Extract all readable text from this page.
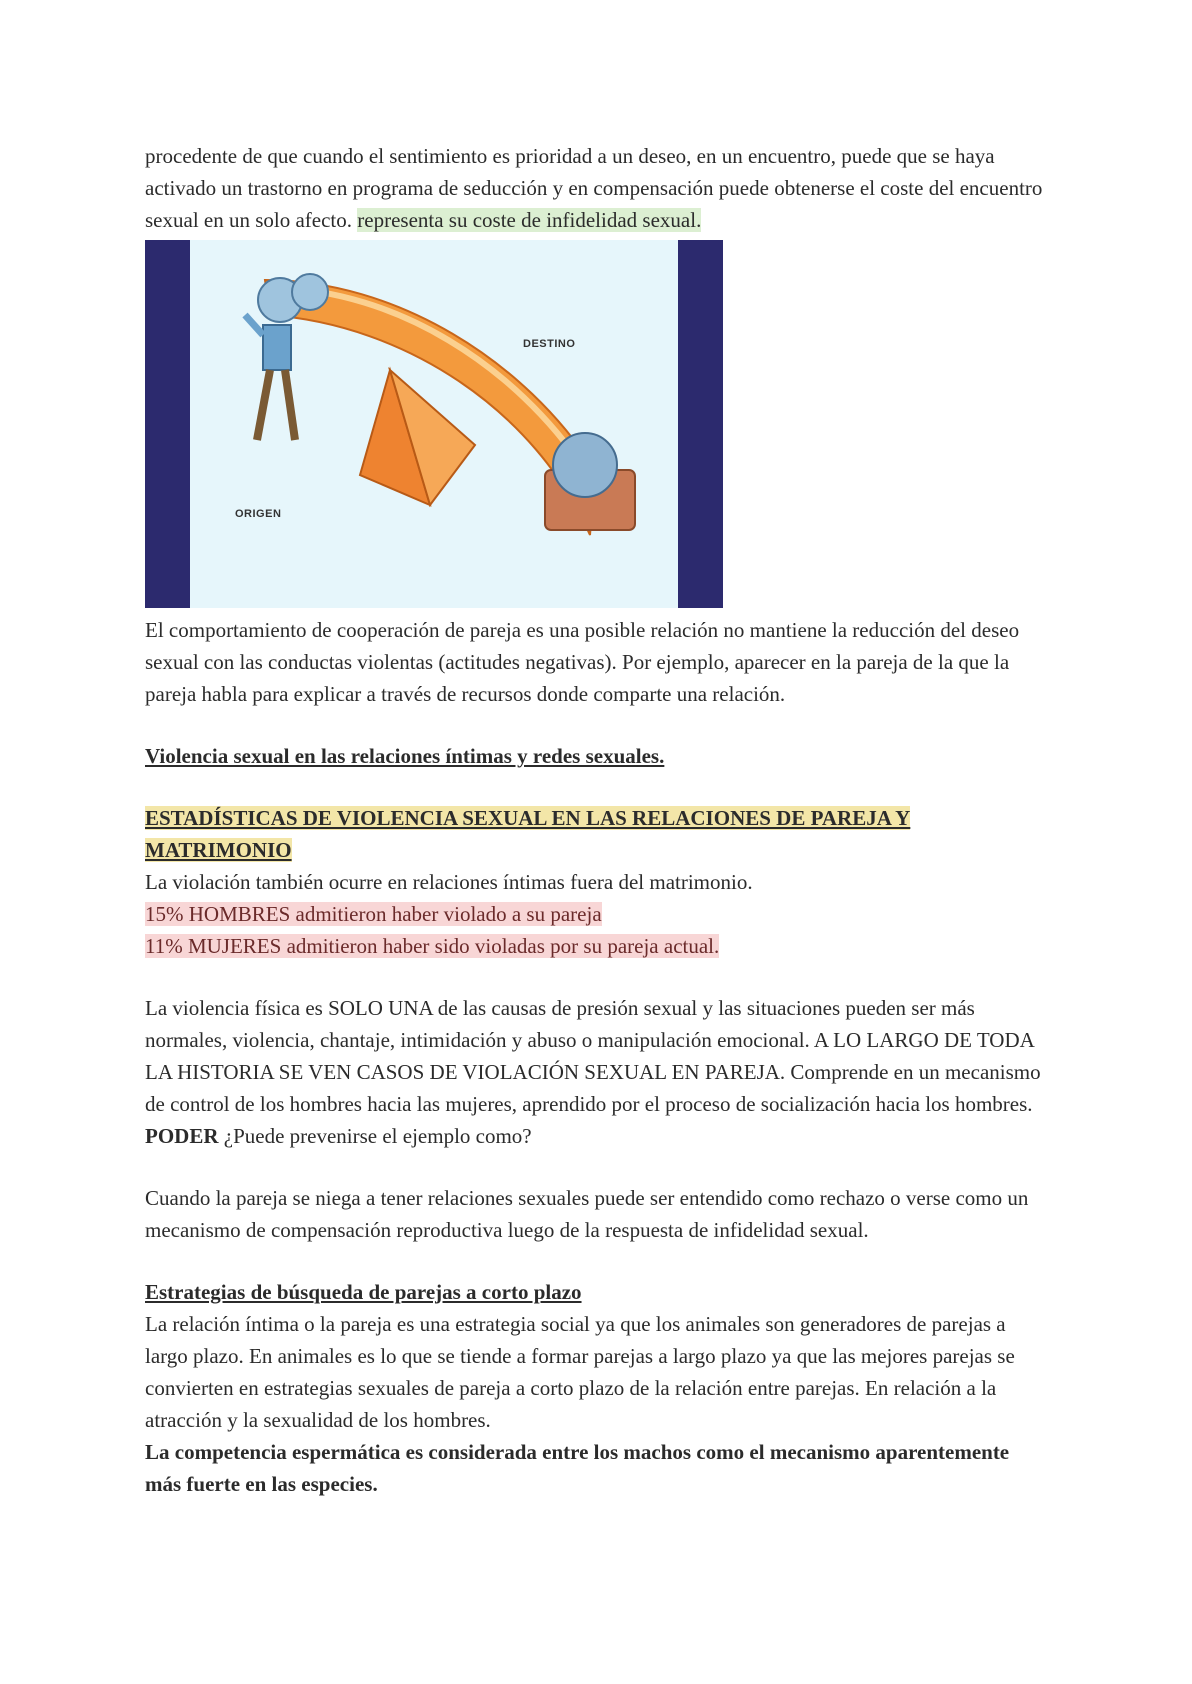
procedente de que cuando el sentimiento es prioridad a un deseo, en un encuentro, puede que se haya activado un trastorno en programa de seducción y en compensación puede obtenerse el coste del encuentro sexual en un solo afecto. representa su coste de infidelidad sexual.

DESTINO
ORIGEN

El comportamiento de cooperación de pareja es una posible relación no mantiene la reducción del deseo sexual con las conductas violentas (actitudes negativas). Por ejemplo, aparecer en la pareja de la que la pareja habla para explicar a través de recursos donde comparte una relación.

Violencia sexual en las relaciones íntimas y redes sexuales.

ESTADÍSTICAS DE VIOLENCIA SEXUAL EN LAS RELACIONES DE PAREJA Y
MATRIMONIO

La violación también ocurre en relaciones íntimas fuera del matrimonio.

15% HOMBRES admitieron haber violado a su pareja

11% MUJERES admitieron haber sido violadas por su pareja actual.

La violencia física es SOLO UNA de las causas de presión sexual y las situaciones pueden ser más normales, violencia, chantaje, intimidación y abuso o manipulación emocional. A LO LARGO DE TODA LA HISTORIA SE VEN CASOS DE VIOLACIÓN SEXUAL EN PAREJA. Comprende en un mecanismo de control de los hombres hacia las mujeres, aprendido por el proceso de socialización hacia los hombres. PODER ¿Puede prevenirse el ejemplo como?

Cuando la pareja se niega a tener relaciones sexuales puede ser entendido como rechazo o verse como un mecanismo de compensación reproductiva luego de la respuesta de infidelidad sexual.

Estrategias de búsqueda de parejas a corto plazo

La relación íntima o la pareja es una estrategia social ya que los animales son generadores de parejas a largo plazo. En animales es lo que se tiende a formar parejas a largo plazo ya que las mejores parejas se convierten en estrategias sexuales de pareja a corto plazo de la relación entre parejas. En relación a la atracción y la sexualidad de los hombres.

La competencia espermática es considerada entre los machos como el mecanismo aparentemente más fuerte en las especies.
